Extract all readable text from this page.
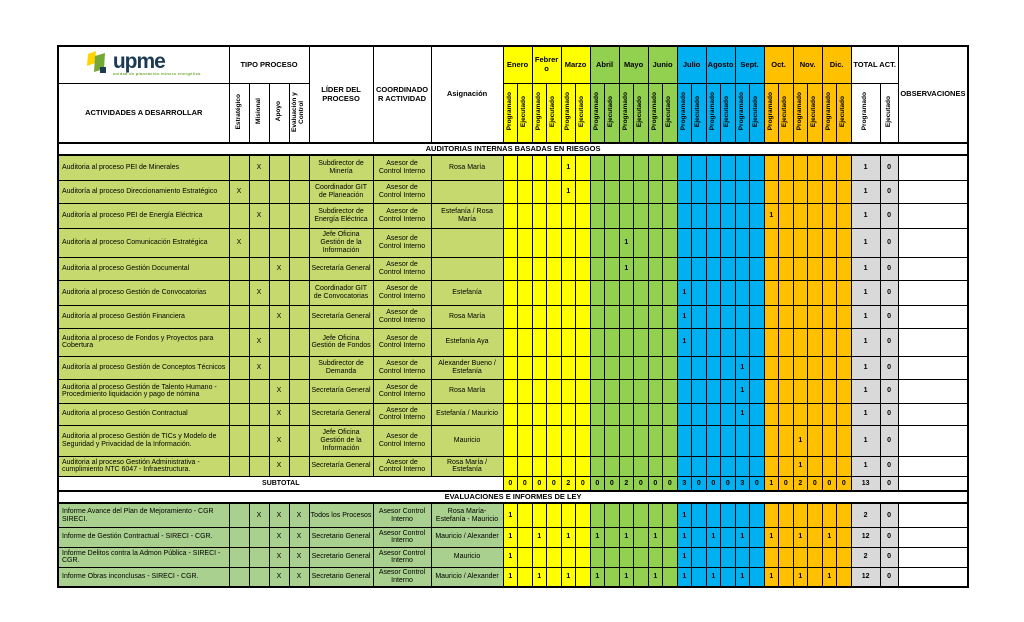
upme
unidad de planeación minero energética	TIPO PROCESO				LÍDER DEL PROCESO	COORDINADOR ACTIVIDAD	Asignación	Enero		Febrero		Marzo		Abril		Mayo		Junio		Julio		Agosto		Sept.		Oct.		Nov.		Dic.		TOTAL ACT.		OBSERVACIONES
ACTIVIDADES A DESARROLLAR	Estratégico	Misional	Apoyo	Evaluación y Control				Programado	Ejecutado	Programado	Ejecutado	Programado	Ejecutado	Programado	Ejecutado	Programado	Ejecutado	Programado	Ejecutado	Programado	Ejecutado	Programado	Ejecutado	Programado	Ejecutado	Programado	Ejecutado	Programado	Ejecutado	Programado	Ejecutado	Programado	Ejecutado	
AUDITORIAS INTERNAS BASADAS EN RIESGOS																																		
Auditoria al proceso PEI de Minerales		X			Subdirector de Minería	Asesor de Control Interno	Rosa María					1																				1	0	
Auditoría al proceso Direccionamiento Estratégico	X				Coordinador GIT de Planeación	Asesor de Control Interno						1																				1	0	
Auditoría al proceso PEI de Energía Eléctrica		X			Subdirector de Energía Eléctrica	Asesor de Control Interno	Estefanía / Rosa María																			1						1	0	
Auditoría al proceso Comunicación Estratégica	X				Jefe Oficina Gestión de la Información	Asesor de Control Interno										1																1	0	
Auditoria al proceso Gestión Documental			X		Secretaría General	Asesor de Control Interno										1																1	0	
Auditoria al proceso Gestión de Convocatorias		X			Coordinador GIT de Convocatorias	Asesor de Control Interno	Estefanía													1												1	0	
Auditoría al proceso Gestión Financiera			X		Secretaría General	Asesor de Control Interno	Rosa María													1												1	0	
Auditoria al proceso de Fondos y Proyectos para Cobertura		X			Jefe Oficina Gestión de Fondos	Asesor de Control Interno	Estefanía Aya													1												1	0	
Auditoría al proceso Gestión de Conceptos Técnicos		X			Subdirector de Demanda	Asesor de Control Interno	Alexander Bueno / Estefanía																	1								1	0	
Auditoria al proceso Gestión de Talento Humano - Procedimiento liquidación y pago de nómina			X		Secretaría General	Asesor de Control Interno	Rosa María																	1								1	0	
Auditoria al proceso Gestión Contractual			X		Secretaría General	Asesor de Control Interno	Estefanía / Mauricio																	1								1	0	
Auditoria al proceso Gestión de TICs y Modelo de Seguridad y Privacidad de la Información.			X		Jefe Oficina Gestión de la Información	Asesor de Control Interno	Mauricio																					1				1	0	
Auditoria al proceso Gestión Administrativa - cumplimiento NTC 6047 - Infraestructura.			X		Secretaría General	Asesor de Control Interno	Rosa María / Estefanía																					1				1	0	
SUBTOTAL								0	0	0	0	2	0	0	0	2	0	0	0	3	0	0	0	3	0	1	0	2	0	0	0	13	0	
EVALUACIONES E INFORMES DE LEY																																		
Informe Avance del Plan de Mejoramiento - CGR SIRECI.		X	X	X	Todos los Procesos	Asesor Control Interno	Rosa María- Estefanía - Mauricio	1												1												2	0	
Informe de Gestión Contractual - SIRECI - CGR.			X	X	Secretario General	Asesor Control Interno	Mauricio / Alexander	1		1		1		1		1		1		1		1		1		1		1		1		12	0	
Informe Delitos contra la Admon Pública - SIRECI - CGR.			X	X	Secretario General	Asesor Control Interno	Mauricio	1												1												2	0	
Informe Obras inconclusas - SIRECI - CGR.			X	X	Secretario General	Asesor Control Interno	Mauricio / Alexander	1		1		1		1		1		1		1		1		1		1		1		1		12	0	
